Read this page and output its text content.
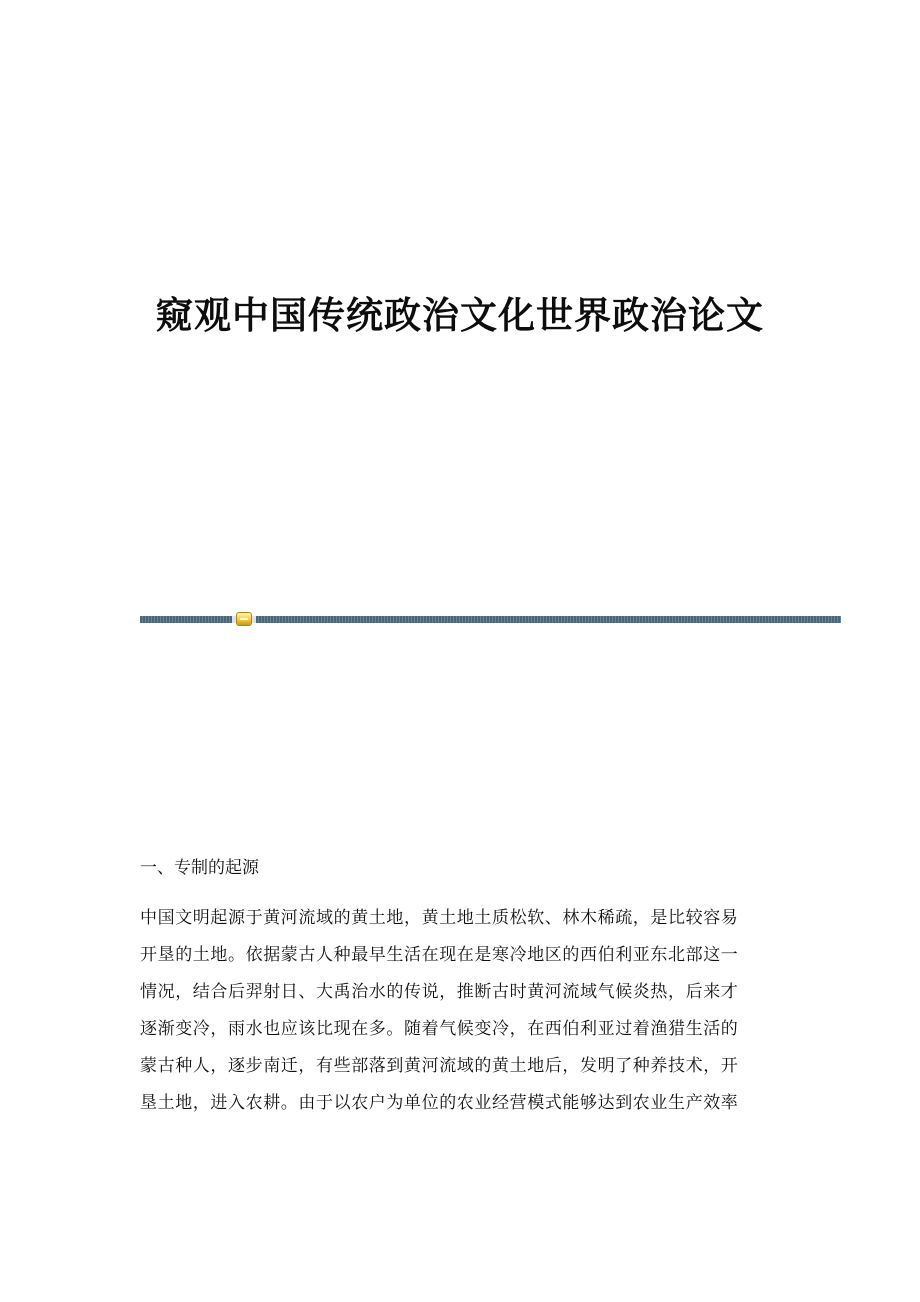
窥观中国传统政治文化世界政治论文
一、专制的起源
中国文明起源于黄河流域的黄土地，黄土地土质松软、林木稀疏，是比较容易
开垦的土地。依据蒙古人种最早生活在现在是寒冷地区的西伯利亚东北部这一
情况，结合后羿射日、大禹治水的传说，推断古时黄河流域气候炎热，后来才
逐渐变冷，雨水也应该比现在多。随着气候变冷，在西伯利亚过着渔猎生活的
蒙古种人，逐步南迁，有些部落到黄河流域的黄土地后，发明了种养技术，开
垦土地，进入农耕。由于以农户为单位的农业经营模式能够达到农业生产效率
